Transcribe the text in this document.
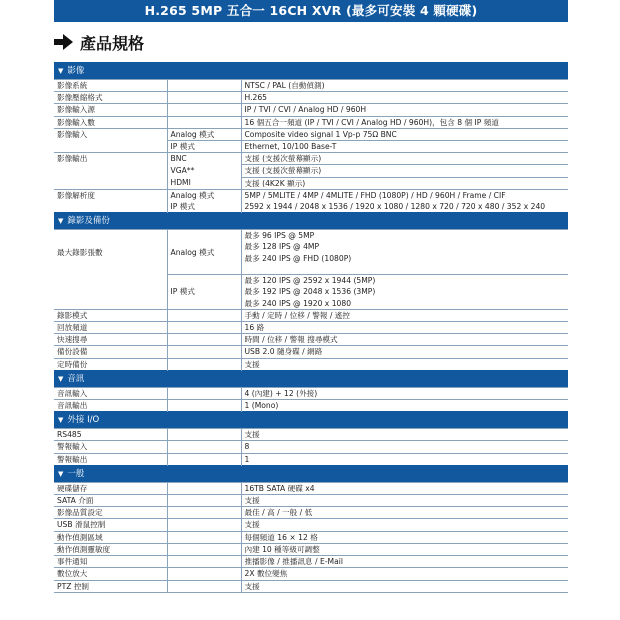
H.265 5MP 五合一 16CH XVR (最多可安裝 4 顆硬碟)
產品規格
▼ 影像		
影像系統		NTSC / PAL (自動偵測)
影像壓縮格式		H.265
影像輸入源		IP / TVI / CVI / Analog HD / 960H
影像輸入數		16 個五合一頻道 (IP / TVI / CVI / Analog HD / 960H)，包含 8 個 IP 頻道
影像輸入	Analog 模式	Composite video signal 1 Vp-p 75Ω BNC
	IP 模式	Ethernet, 10/100 Base-T
影像輸出	BNC	支援 (支援次螢幕顯示)
	VGA**	支援 (支援次螢幕顯示)
	HDMI	支援 (4K2K 顯示)
影像解析度	Analog 模式	5MP / 5MLITE / 4MP / 4MLITE / FHD (1080P) / HD / 960H / Frame / CIF
	IP 模式	2592 x 1944 / 2048 x 1536 / 1920 x 1080 / 1280 x 720 / 720 x 480 / 352 x 240
▼ 錄影及備份		
最大錄影張數	Analog 模式	最多 96 IPS @ 5MP
最多 128 IPS @ 4MP
最多 240 IPS @ FHD (1080P)

	IP 模式	最多 120 IPS @ 2592 x 1944 (5MP)
最多 192 IPS @ 2048 x 1536 (3MP)
最多 240 IPS @ 1920 x 1080

錄影模式		手動 / 定時 / 位移 / 警報 / 遙控
回放頻道		16 路
快速搜尋		時間 / 位移 / 警報 搜尋模式
備份設備		USB 2.0 隨身碟 / 網路
定時備份		支援
▼ 音訊		
音訊輸入		4 (內建) + 12 (外接)
音訊輸出		1 (Mono)
▼ 外接 I/O		
RS485		支援
警報輸入		8
警報輸出		1
▼ 一般		
硬碟儲存		16TB SATA 硬碟 x4
SATA 介面		支援
影像品質設定		最佳 / 高 / 一般 / 低
USB 滑鼠控制		支援
動作偵測區域		每個頻道 16 × 12 格
動作偵測靈敏度		內建 10 種等級可調整
事件通知		推播影像 / 推播訊息 / E-Mail
數位放大		2X 數位變焦
PTZ 控制		支援
